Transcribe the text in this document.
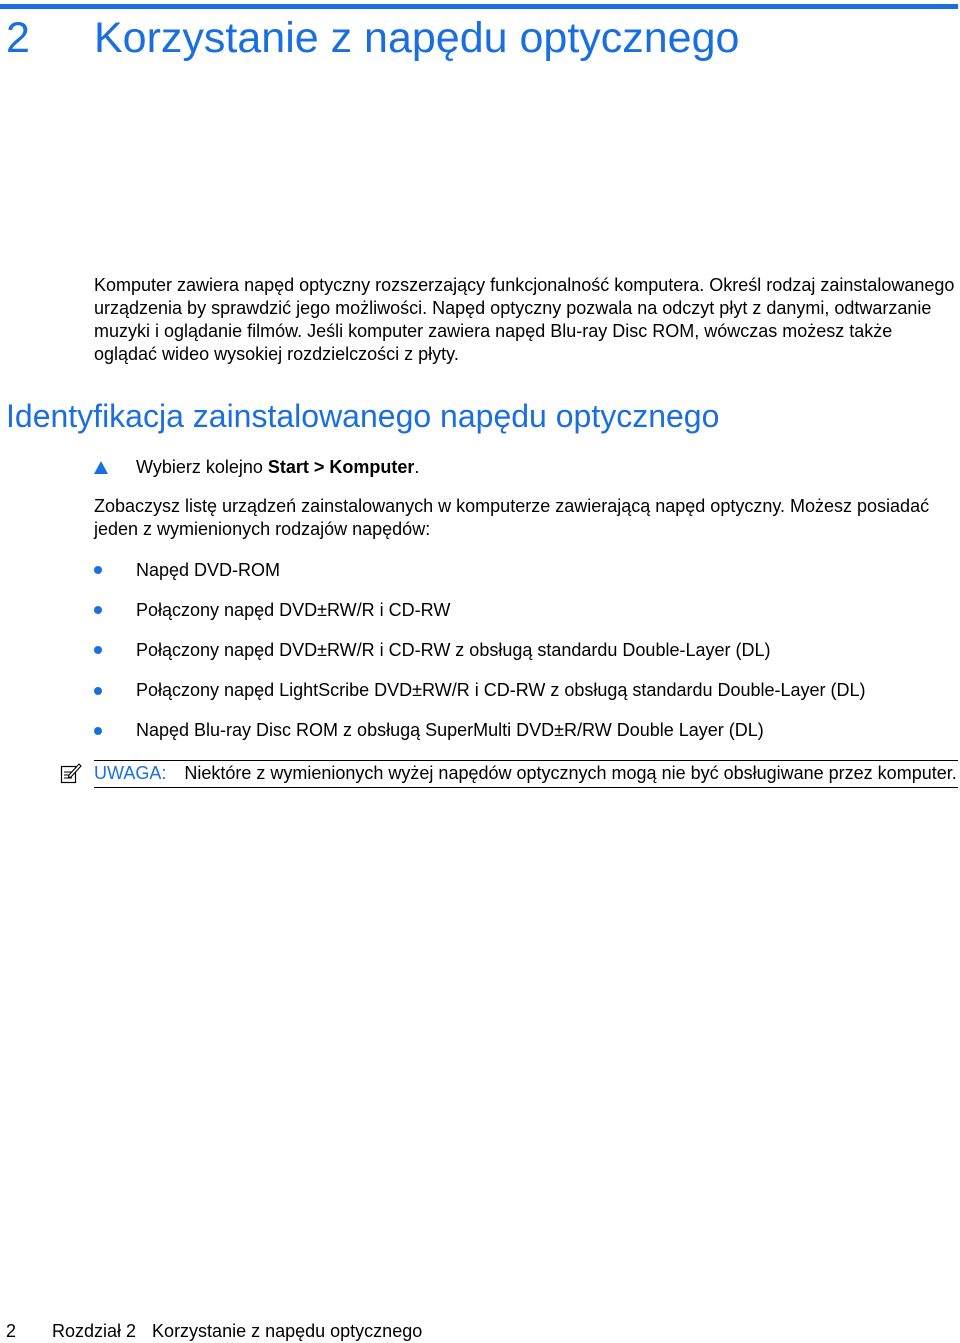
2	Korzystanie z napędu optycznego

Komputer zawiera napęd optyczny rozszerzający funkcjonalność komputera. Określ rodzaj zainstalowanego urządzenia by sprawdzić jego możliwości. Napęd optyczny pozwala na odczyt płyt z danymi, odtwarzanie muzyki i oglądanie filmów. Jeśli komputer zawiera napęd Blu-ray Disc ROM, wówczas możesz także oglądać wideo wysokiej rozdzielczości z płyty.

Identyfikacja zainstalowanego napędu optycznego
Wybierz kolejno Start > Komputer .

Zobaczysz listę urządzeń zainstalowanych w komputerze zawierającą napęd optyczny. Możesz posiadać jeden z wymienionych rodzajów napędów:

Napęd DVD-ROM
Połączony napęd DVD±RW/R i CD-RW
Połączony napęd DVD±RW/R i CD-RW z obsługą standardu Double-Layer (DL)
Połączony napęd LightScribe DVD±RW/R i CD-RW z obsługą standardu Double-Layer (DL)
Napęd Blu-ray Disc ROM z obsługą SuperMulti DVD±R/RW Double Layer (DL)
UWAGA: Niektóre z wymienionych wyżej napędów optycznych mogą nie być obsługiwane przez komputer.
2	Rozdział 2 Korzystanie z napędu optycznego
